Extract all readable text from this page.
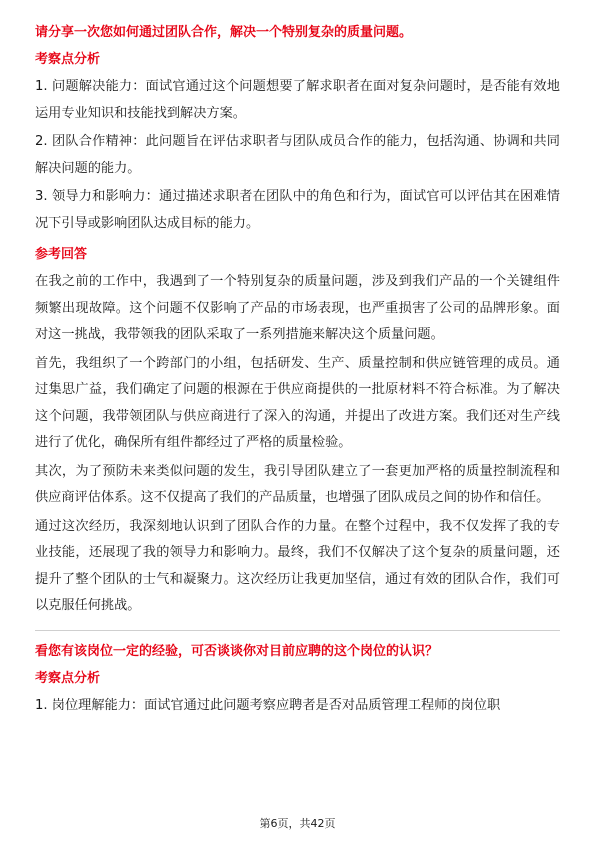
请分享一次您如何通过团队合作，解决一个特别复杂的质量问题。
考察点分析
1. 问题解决能力：面试官通过这个问题想要了解求职者在面对复杂问题时，是否能有效地运用专业知识和技能找到解决方案。
2. 团队合作精神：此问题旨在评估求职者与团队成员合作的能力，包括沟通、协调和共同解决问题的能力。
3. 领导力和影响力：通过描述求职者在团队中的角色和行为，面试官可以评估其在困难情况下引导或影响团队达成目标的能力。
参考回答
在我之前的工作中，我遇到了一个特别复杂的质量问题，涉及到我们产品的一个关键组件频繁出现故障。这个问题不仅影响了产品的市场表现，也严重损害了公司的品牌形象。面对这一挑战，我带领我的团队采取了一系列措施来解决这个质量问题。
首先，我组织了一个跨部门的小组，包括研发、生产、质量控制和供应链管理的成员。通过集思广益，我们确定了问题的根源在于供应商提供的一批原材料不符合标准。为了解决这个问题，我带领团队与供应商进行了深入的沟通，并提出了改进方案。我们还对生产线进行了优化，确保所有组件都经过了严格的质量检验。
其次，为了预防未来类似问题的发生，我引导团队建立了一套更加严格的质量控制流程和供应商评估体系。这不仅提高了我们的产品质量，也增强了团队成员之间的协作和信任。
通过这次经历，我深刻地认识到了团队合作的力量。在整个过程中，我不仅发挥了我的专业技能，还展现了我的领导力和影响力。最终，我们不仅解决了这个复杂的质量问题，还提升了整个团队的士气和凝聚力。这次经历让我更加坚信，通过有效的团队合作，我们可以克服任何挑战。
看您有该岗位一定的经验，可否谈谈你对目前应聘的这个岗位的认识？
考察点分析
1. 岗位理解能力：面试官通过此问题考察应聘者是否对品质管理工程师的岗位职
第6页，共42页
